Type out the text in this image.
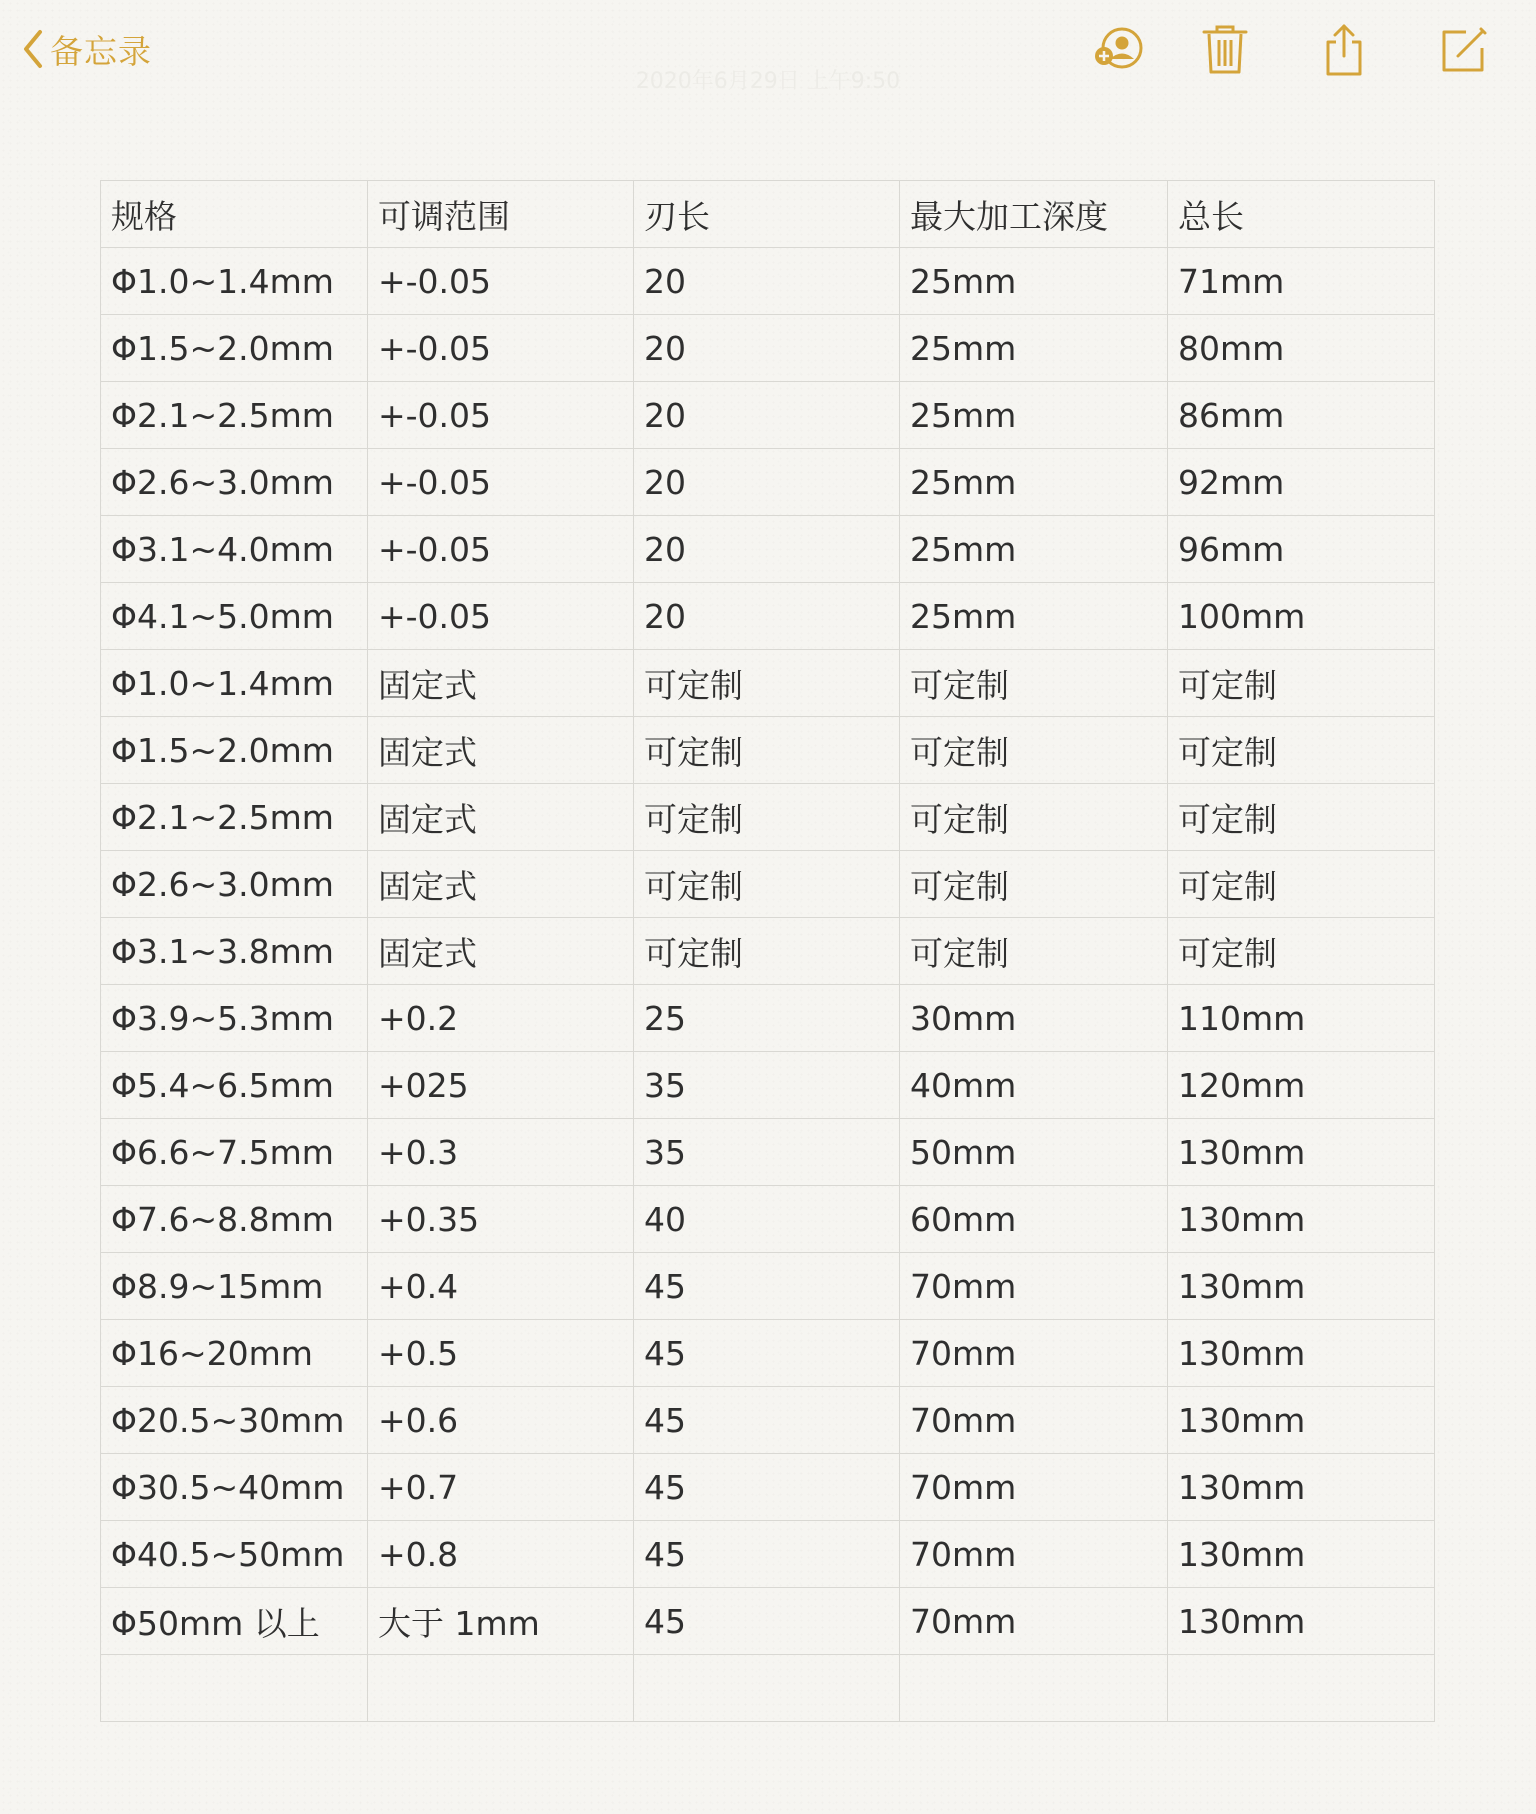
备忘录
2020年6月29日 上午9:50
规格	可调范围	刃长	最大加工深度	总长
Φ1.0~1.4mm	+-0.05	20	25mm	71mm
Φ1.5~2.0mm	+-0.05	20	25mm	80mm
Φ2.1~2.5mm	+-0.05	20	25mm	86mm
Φ2.6~3.0mm	+-0.05	20	25mm	92mm
Φ3.1~4.0mm	+-0.05	20	25mm	96mm
Φ4.1~5.0mm	+-0.05	20	25mm	100mm
Φ1.0~1.4mm	固定式	可定制	可定制	可定制
Φ1.5~2.0mm	固定式	可定制	可定制	可定制
Φ2.1~2.5mm	固定式	可定制	可定制	可定制
Φ2.6~3.0mm	固定式	可定制	可定制	可定制
Φ3.1~3.8mm	固定式	可定制	可定制	可定制
Φ3.9~5.3mm	+0.2	25	30mm	110mm
Φ5.4~6.5mm	+025	35	40mm	120mm
Φ6.6~7.5mm	+0.3	35	50mm	130mm
Φ7.6~8.8mm	+0.35	40	60mm	130mm
Φ8.9~15mm	+0.4	45	70mm	130mm
Φ16~20mm	+0.5	45	70mm	130mm
Φ20.5~30mm	+0.6	45	70mm	130mm
Φ30.5~40mm	+0.7	45	70mm	130mm
Φ40.5~50mm	+0.8	45	70mm	130mm
Φ50mm 以上	大于 1mm	45	70mm	130mm
